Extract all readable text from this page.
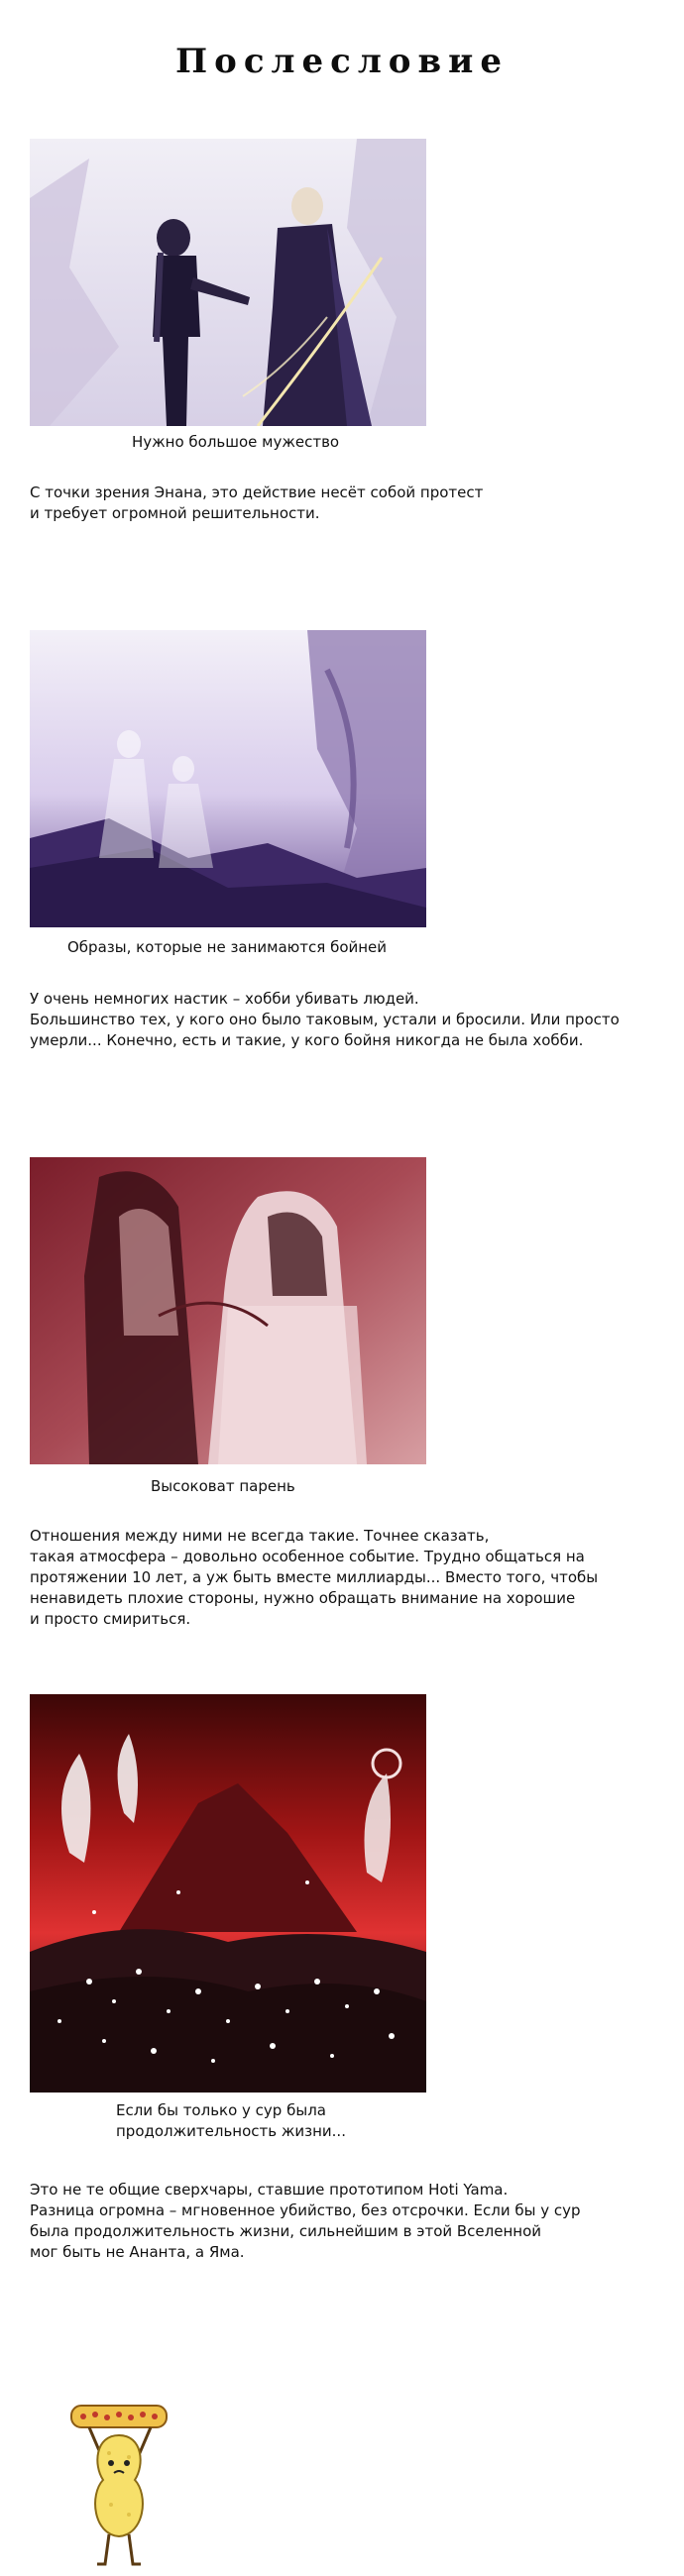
Послесловие
Нужно большое мужество
С точки зрения Энана, это действие несёт собой протест
и требует огромной решительности.
Образы, которые не занимаются бойней
У очень немногих настик – хобби убивать людей.
Большинство тех, у кого оно было таковым, устали и бросили. Или просто
умерли... Конечно, есть и такие, у кого бойня никогда не была хобби.
Высоковат парень
Отношения между ними не всегда такие. Точнее сказать,
такая атмосфера – довольно особенное событие. Трудно общаться на
протяжении 10 лет, а уж быть вместе миллиарды... Вместо того, чтобы
ненавидеть плохие стороны, нужно обращать внимание на хорошие
и просто смириться.
Если бы только у сур была
продолжительность жизни...
Это не те общие сверхчары, ставшие прототипом Hoti Yama.
Разница огромна – мгновенное убийство, без отсрочки. Если бы у сур
была продолжительность жизни, сильнейшим в этой Вселенной
мог быть не Ананта, а Яма.
